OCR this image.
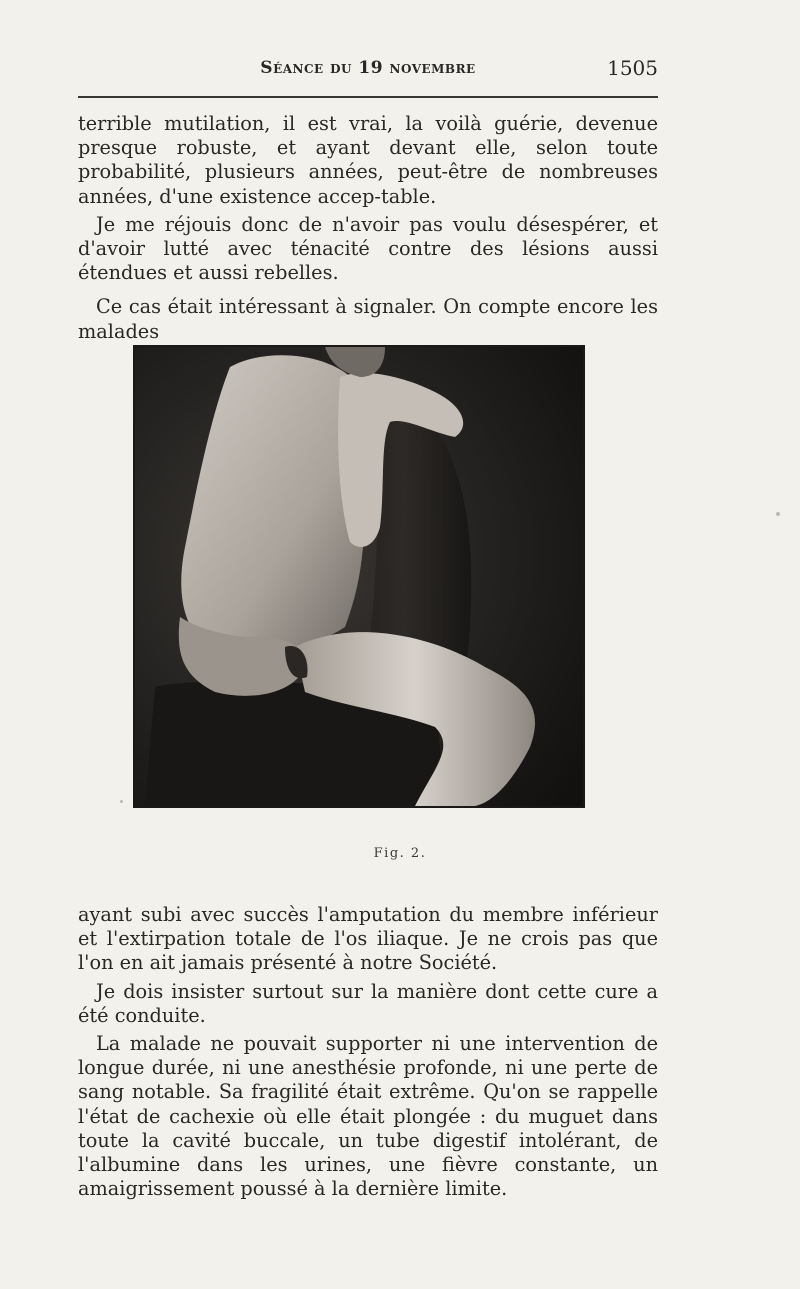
Séance du 19 novembre	1505

terrible mutilation, il est vrai, la voilà guérie, devenue presque robuste, et ayant devant elle, selon toute probabilité, plusieurs années, peut-être de nombreuses années, d'une existence accep-table.

Je me réjouis donc de n'avoir pas voulu désespérer, et d'avoir lutté avec ténacité contre des lésions aussi étendues et aussi rebelles.

Ce cas était intéressant à signaler. On compte encore les malades

Fig. 2.

ayant subi avec succès l'amputation du membre inférieur et l'extirpation totale de l'os iliaque. Je ne crois pas que l'on en ait jamais présenté à notre Société.

Je dois insister surtout sur la manière dont cette cure a été conduite.

La malade ne pouvait supporter ni une intervention de longue durée, ni une anesthésie profonde, ni une perte de sang notable. Sa fragilité était extrême. Qu'on se rappelle l'état de cachexie où elle était plongée : du muguet dans toute la cavité buccale, un tube digestif intolérant, de l'albumine dans les urines, une fièvre constante, un amaigrissement poussé à la dernière limite.
